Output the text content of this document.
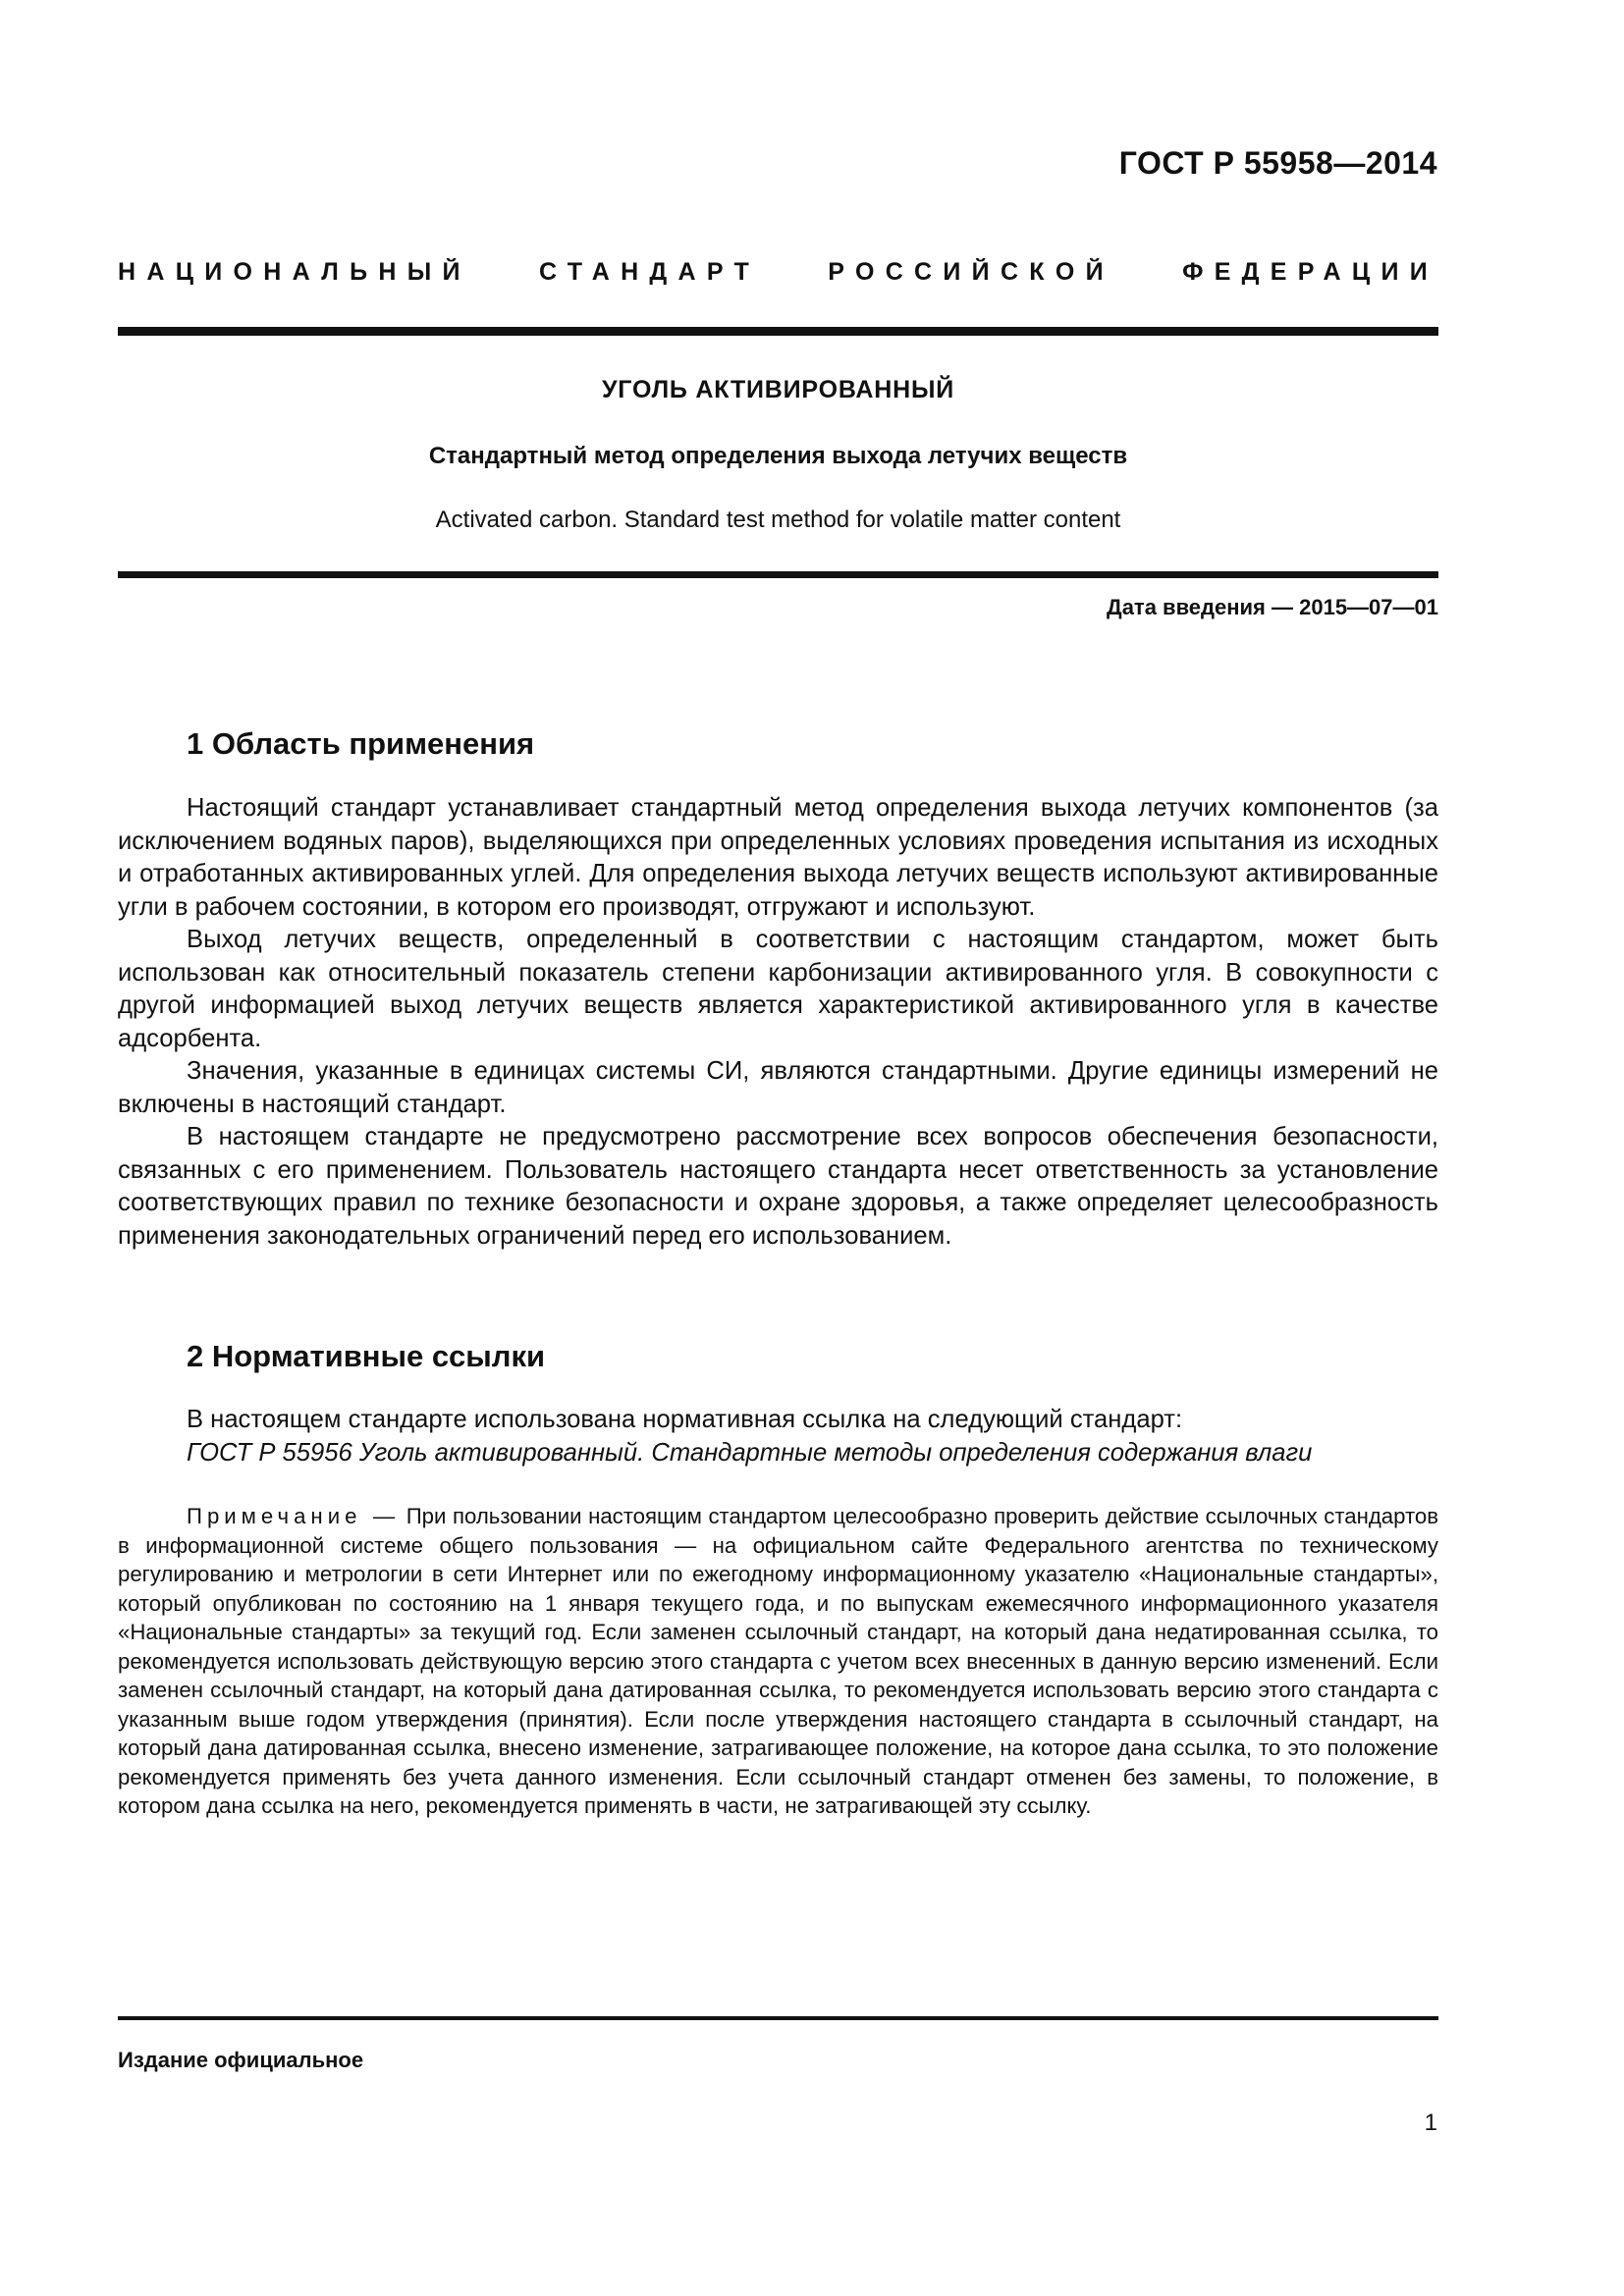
ГОСТ Р 55958—2014
НАЦИОНАЛЬНЫЙ СТАНДАРТ РОССИЙСКОЙ ФЕДЕРАЦИИ
УГОЛЬ АКТИВИРОВАННЫЙ
Стандартный метод определения выхода летучих веществ
Activated carbon. Standard test method for volatile matter content
Дата введения — 2015—07—01
1 Область применения

Настоящий стандарт устанавливает стандартный метод определения выхода летучих компонентов (за исключением водяных паров), выделяющихся при определенных условиях проведения испытания из исходных и отработанных активированных углей. Для определения выхода летучих веществ используют активированные угли в рабочем состоянии, в котором его производят, отгружают и используют.

Выход летучих веществ, определенный в соответствии с настоящим стандартом, может быть использован как относительный показатель степени карбонизации активированного угля. В совокупности с другой информацией выход летучих веществ является характеристикой активированного угля в качестве адсорбента.

Значения, указанные в единицах системы СИ, являются стандартными. Другие единицы измерений не включены в настоящий стандарт.

В настоящем стандарте не предусмотрено рассмотрение всех вопросов обеспечения безопасности, связанных с его применением. Пользователь настоящего стандарта несет ответственность за установление соответствующих правил по технике безопасности и охране здоровья, а также определяет целесообразность применения законодательных ограничений перед его использованием.

2 Нормативные ссылки

В настоящем стандарте использована нормативная ссылка на следующий стандарт:

ГОСТ Р 55956 Уголь активированный. Стандартные методы определения содержания влаги

Примечание — При пользовании настоящим стандартом целесообразно проверить действие ссылочных стандартов в информационной системе общего пользования — на официальном сайте Федерального агентства по техническому регулированию и метрологии в сети Интернет или по ежегодному информационному указателю «Национальные стандарты», который опубликован по состоянию на 1 января текущего года, и по выпускам ежемесячного информационного указателя «Национальные стандарты» за текущий год. Если заменен ссылочный стандарт, на который дана недатированная ссылка, то рекомендуется использовать действующую версию этого стандарта с учетом всех внесенных в данную версию изменений. Если заменен ссылочный стандарт, на который дана датированная ссылка, то рекомендуется использовать версию этого стандарта с указанным выше годом утверждения (принятия). Если после утверждения настоящего стандарта в ссылочный стандарт, на который дана датированная ссылка, внесено изменение, затрагивающее положение, на которое дана ссылка, то это положение рекомендуется применять без учета данного изменения. Если ссылочный стандарт отменен без замены, то положение, в котором дана ссылка на него, рекомендуется применять в части, не затрагивающей эту ссылку.

Издание официальное
1
